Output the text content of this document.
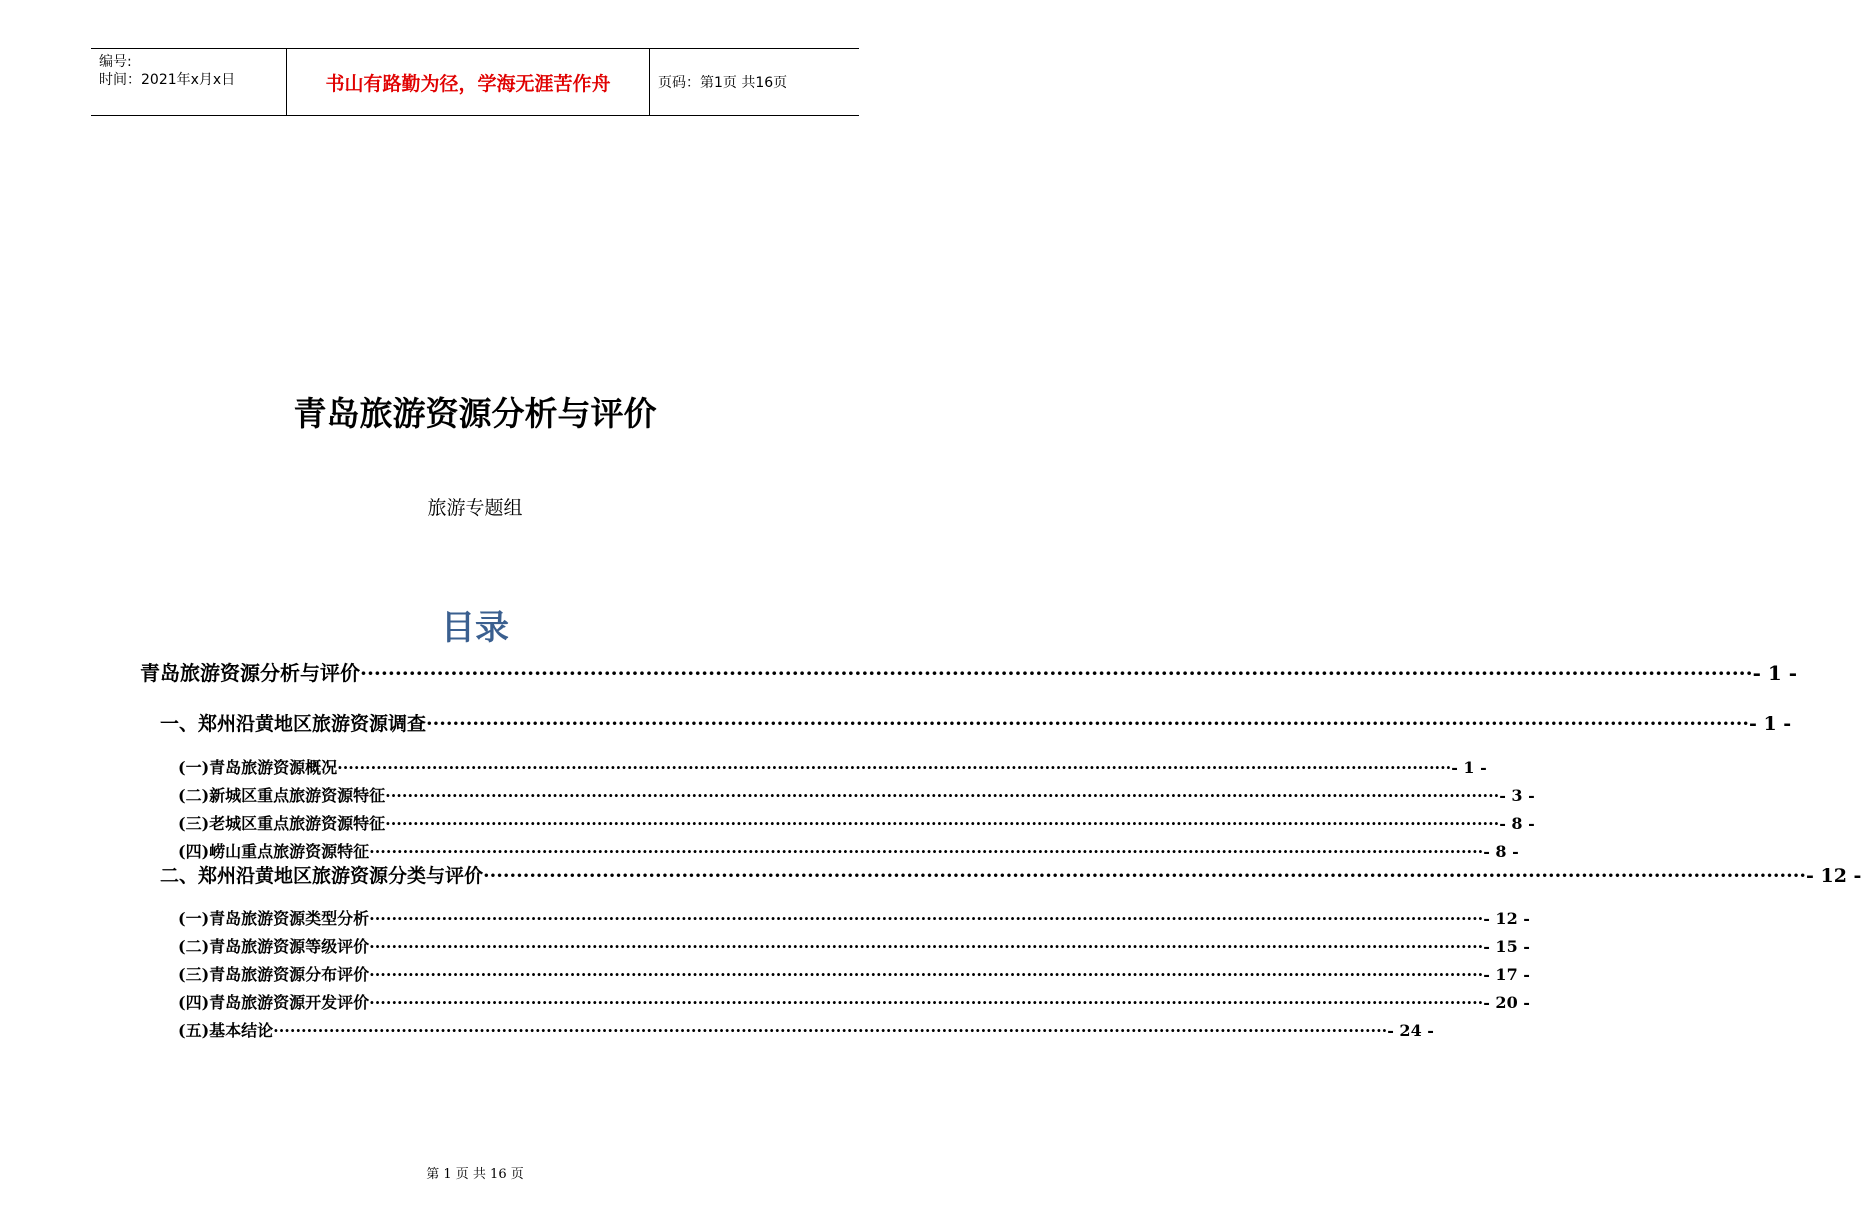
编号:
时间：2021年x月x日	书山有路勤为径，学海无涯苦作舟	页码：第1页 共16页
青岛旅游资源分析与评价
旅游专题组
目录
青岛旅游资源分析与评价 ········································································································································································································ - 1 -
一、郑州沿黄地区旅游资源调查 ········································································································································································································ - 1 -
(一)青岛旅游资源概况 ········································································································································································································ - 1 -
(二)新城区重点旅游资源特征 ········································································································································································································ - 3 -
(三)老城区重点旅游资源特征 ········································································································································································································ - 8 -
(四)崂山重点旅游资源特征 ········································································································································································································ - 8 -
二、郑州沿黄地区旅游资源分类与评价 ········································································································································································································ - 12 -
(一)青岛旅游资源类型分析 ········································································································································································································ - 12 -
(二)青岛旅游资源等级评价 ········································································································································································································ - 15 -
(三)青岛旅游资源分布评价 ········································································································································································································ - 17 -
(四)青岛旅游资源开发评价 ········································································································································································································ - 20 -
(五)基本结论 ········································································································································································································ - 24 -
第 1 页 共 16 页
